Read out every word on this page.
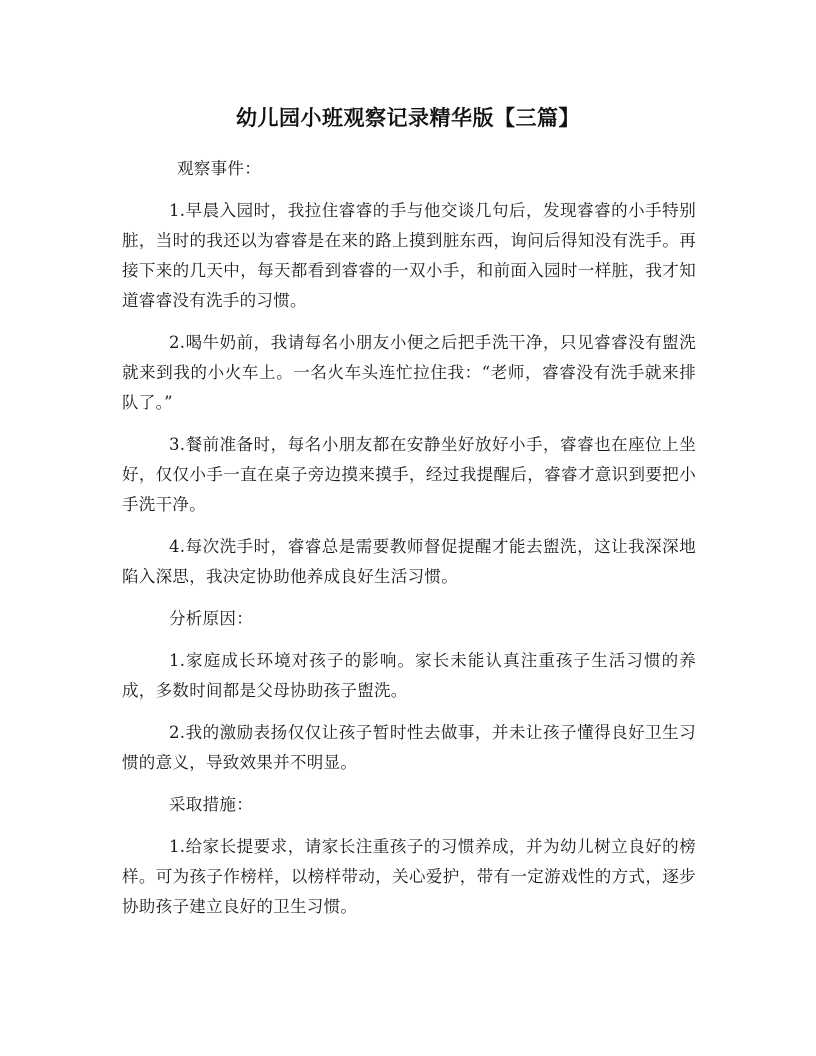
幼儿园小班观察记录精华版【三篇】

观察事件：

1.早晨入园时，我拉住睿睿的手与他交谈几句后，发现睿睿的小手特别脏，当时的我还以为睿睿是在来的路上摸到脏东西，询问后得知没有洗手。再接下来的几天中，每天都看到睿睿的一双小手，和前面入园时一样脏，我才知道睿睿没有洗手的习惯。

2.喝牛奶前，我请每名小朋友小便之后把手洗干净，只见睿睿没有盥洗就来到我的小火车上。一名火车头连忙拉住我：“老师，睿睿没有洗手就来排队了。”

3.餐前准备时，每名小朋友都在安静坐好放好小手，睿睿也在座位上坐好，仅仅小手一直在桌子旁边摸来摸手，经过我提醒后，睿睿才意识到要把小手洗干净。

4.每次洗手时，睿睿总是需要教师督促提醒才能去盥洗，这让我深深地陷入深思，我决定协助他养成良好生活习惯。

分析原因：

1.家庭成长环境对孩子的影响。家长未能认真注重孩子生活习惯的养成，多数时间都是父母协助孩子盥洗。

2.我的激励表扬仅仅让孩子暂时性去做事，并未让孩子懂得良好卫生习惯的意义，导致效果并不明显。

采取措施：

1.给家长提要求，请家长注重孩子的习惯养成，并为幼儿树立良好的榜样。可为孩子作榜样，以榜样带动，关心爱护，带有一定游戏性的方式，逐步协助孩子建立良好的卫生习惯。
